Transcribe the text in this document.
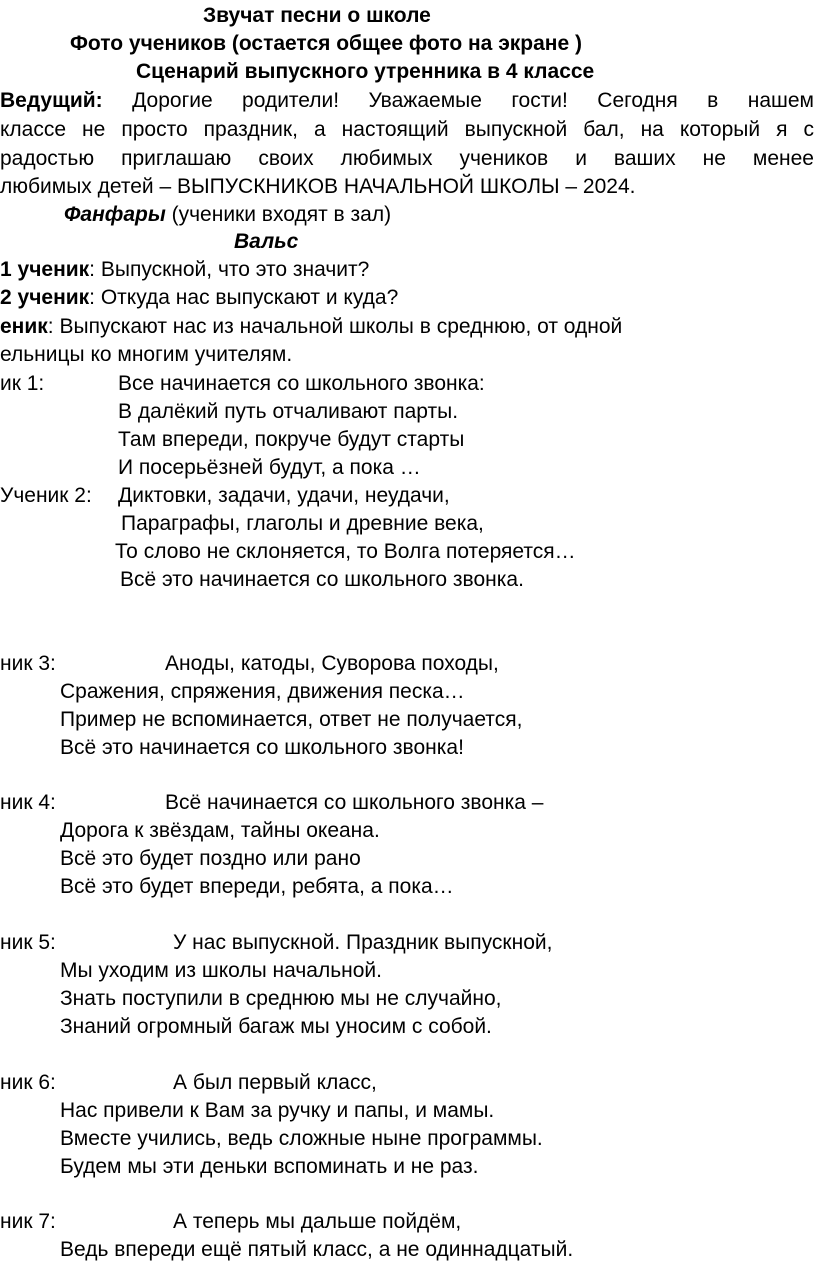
Звучат песни о школе
Фото учеников (остается общее фото на экране )
Сценарий выпускного утренника в 4 классе
Ведущий: Дорогие родители! Уважаемые гости! Сегодня в нашем
классе не просто праздник, а настоящий выпускной бал, на который я с
радостью приглашаю своих любимых учеников и ваших не менее
любимых детей – ВЫПУСКНИКОВ НАЧАЛЬНОЙ ШКОЛЫ – 2024.
Фанфары (ученики входят в зал)
Вальс
1 ученик: Выпускной, что это значит?
2 ученик: Откуда нас выпускают и куда?
еник: Выпускают нас из начальной школы в среднюю, от одной
ельницы ко многим учителям.
ик 1:	Все начинается со школьного звонка:
В далёкий путь отчаливают парты.
Там впереди, покруче будут старты
И посерьёзней будут, а пока …
Ученик 2: Диктовки, задачи, удачи, неудачи,
Параграфы, глаголы и древние века,
То слово не склоняется, то Волга потеряется…
Всё это начинается со школьного звонка.
ник 3:	Аноды, катоды, Суворова походы,
Сражения, спряжения, движения песка…
Пример не вспоминается, ответ не получается,
Всё это начинается со школьного звонка!
ник 4:	Всё начинается со школьного звонка –
Дорога к звёздам, тайны океана.
Всё это будет поздно или рано
Всё это будет впереди, ребята, а пока…
ник 5:	У нас выпускной. Праздник выпускной,
Мы уходим из школы начальной.
Знать поступили в среднюю мы не случайно,
Знаний огромный багаж мы уносим с собой.
ник 6:	А был первый класс,
Нас привели к Вам за ручку и папы, и мамы.
Вместе учились, ведь сложные ныне программы.
Будем мы эти деньки вспоминать и не раз.
ник 7:	А теперь мы дальше пойдём,
Ведь впереди ещё пятый класс, а не одиннадцатый.
